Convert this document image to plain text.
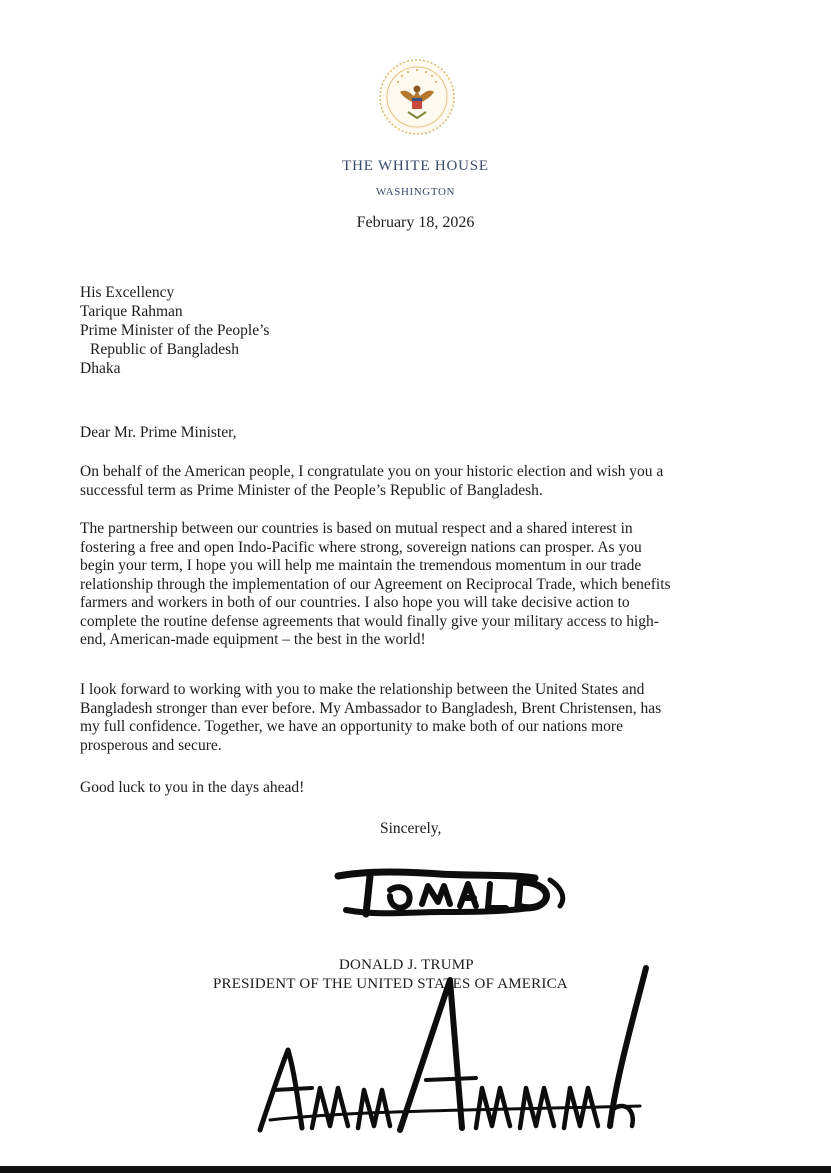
THE WHITE HOUSE
WASHINGTON
February 18, 2026
His Excellency
Tarique Rahman
Prime Minister of the People’s
Republic of Bangladesh
Dhaka
Dear Mr. Prime Minister,
On behalf of the American people, I congratulate you on your historic election and wish you a
successful term as Prime Minister of the People’s Republic of Bangladesh.
The partnership between our countries is based on mutual respect and a shared interest in
fostering a free and open Indo-Pacific where strong, sovereign nations can prosper. As you
begin your term, I hope you will help me maintain the tremendous momentum in our trade
relationship through the implementation of our Agreement on Reciprocal Trade, which benefits
farmers and workers in both of our countries. I also hope you will take decisive action to
complete the routine defense agreements that would finally give your military access to high-
end, American-made equipment – the best in the world!
I look forward to working with you to make the relationship between the United States and
Bangladesh stronger than ever before. My Ambassador to Bangladesh, Brent Christensen, has
my full confidence. Together, we have an opportunity to make both of our nations more
prosperous and secure.
Good luck to you in the days ahead!
Sincerely,
DONALD J. TRUMP
PRESIDENT OF THE UNITED STATES OF AMERICA
